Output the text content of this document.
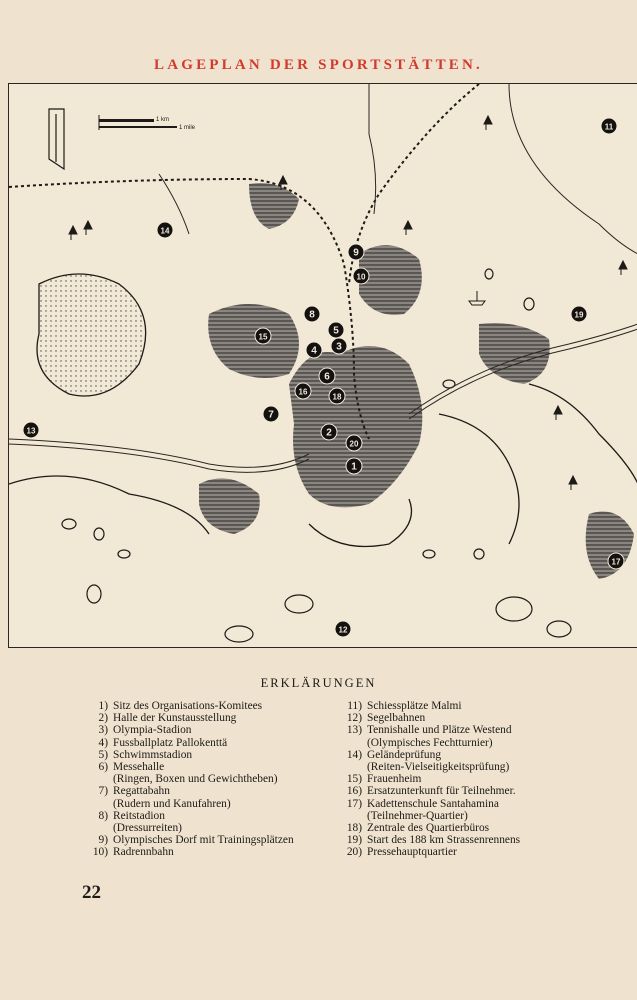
LAGEPLAN DER SPORTSTÄTTEN.
1 km
1 mile
1
2
3
4
5
6
7
8
9
10
11
12
13
14
15
16
17
18
19
20
ERKLÄRUNGEN
1) Sitz des Organisations-Komitees
2) Halle der Kunstausstellung
3) Olympia-Stadion
4) Fussballplatz Pallokenttä
5) Schwimmstadion
6) Messehalle
(Ringen, Boxen und Gewichtheben)
7) Regattabahn
(Rudern und Kanufahren)
8) Reitstadion
(Dressurreiten)
9) Olympisches Dorf mit Trainingsplätzen
10) Radrennbahn
11) Schiessplätze Malmi
12) Segelbahnen
13) Tennishalle und Plätze Westend
(Olympisches Fechtturnier)
14) Geländeprüfung
(Reiten-Vielseitigkeitsprüfung)
15) Frauenheim
16) Ersatzunterkunft für Teilnehmer.
17) Kadettenschule Santahamina
(Teilnehmer-Quartier)
18) Zentrale des Quartierbüros
19) Start des 188 km Strassenrennens
20) Pressehauptquartier
22
